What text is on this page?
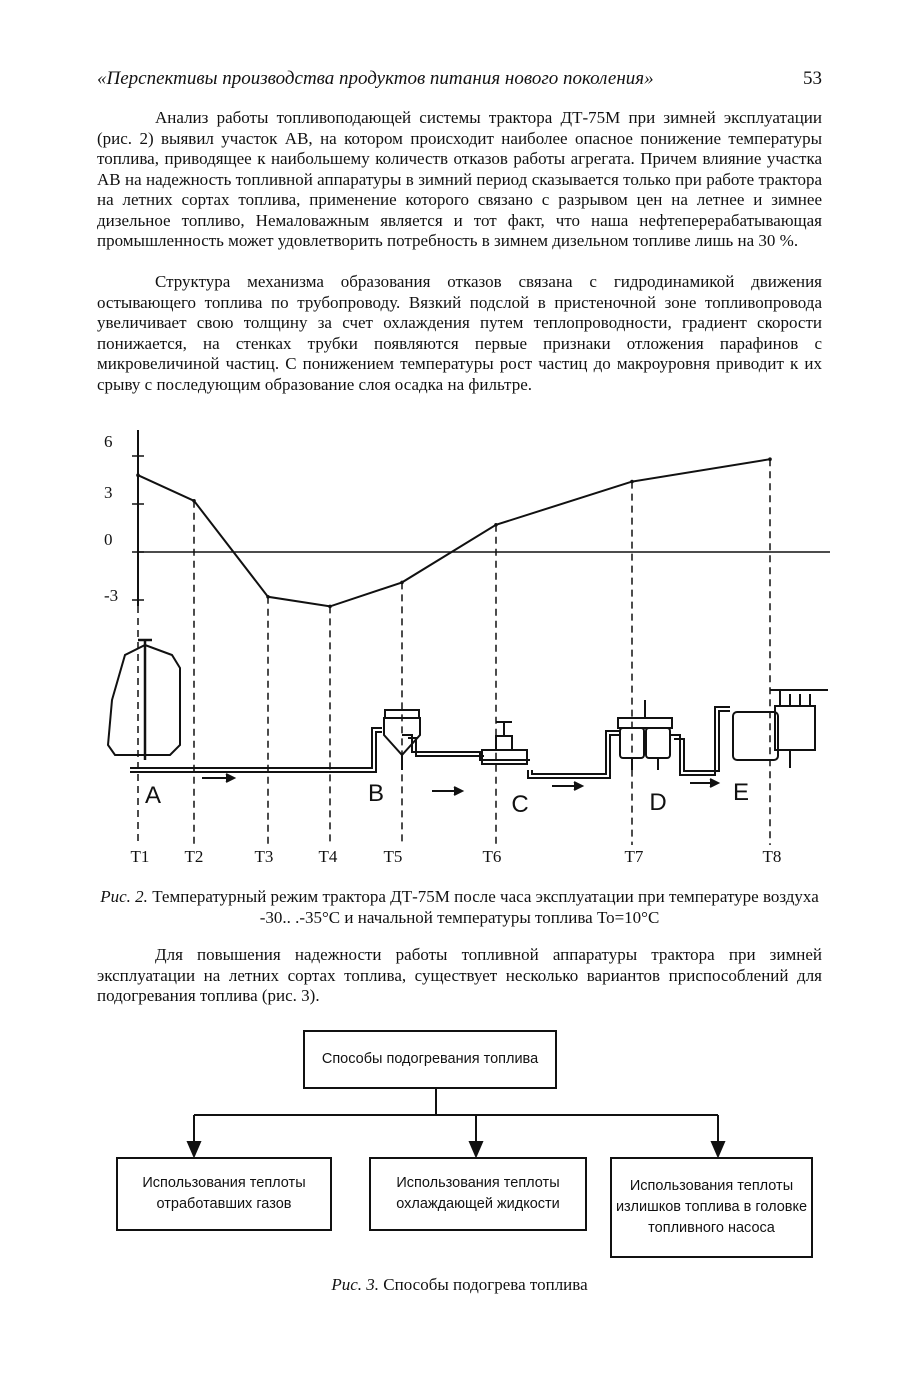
«Перспективы производства продуктов питания нового поколения»	53

Анализ работы топливоподающей системы трактора ДТ-75М при зимней эксплуатации (рис. 2) выявил участок АВ, на котором происходит наиболее опасное понижение температуры топлива, приводящее к наибольшему количеств отказов работы агрегата. Причем влияние участка АВ на надежность топливной аппаратуры в зимний период сказывается только при работе трактора на летних сортах топлива, применение которого связано с разрывом цен на летнее и зимнее дизельное топливо, Немаловажным является и тот факт, что наша нефтеперерабатывающая промышленность может удовлетворить потребность в зимнем дизельном топливе лишь на 30 %.

Структура механизма образования отказов связана с гидродинамикой движения остывающего топлива по трубопроводу. Вязкий подслой в пристеночной зоне топливопровода увеличивает свою толщину за счет охлаждения путем теплопроводности, градиент скорости понижается, на стенках трубки появляются первые признаки отложения парафинов с микровеличиной частиц. С понижением температуры рост частиц до макроуровня приводит к их срыву с последующим образование слоя осадка на фильтре.

6
3
0
-3
T1 T2	T3	T4	T5	T6	T7	T8
A	B	C	D	E
Рис. 2. Температурный режим трактора ДТ-75М после часа эксплуатации при температуре воздуха -30.. .-35°С и начальной температуры топлива То=10°С

Для повышения надежности работы топливной аппаратуры трактора при зимней эксплуатации на летних сортах топлива, существует несколько вариантов приспособлений для подогревания топлива (рис. 3).

Способы подогревания топлива
Использования теплоты отработавших газов
Использования теплоты охлаждающей жидкости
Использования теплоты излишков топлива в головке топливного насоса
Рис. 3. Способы подогрева топлива
